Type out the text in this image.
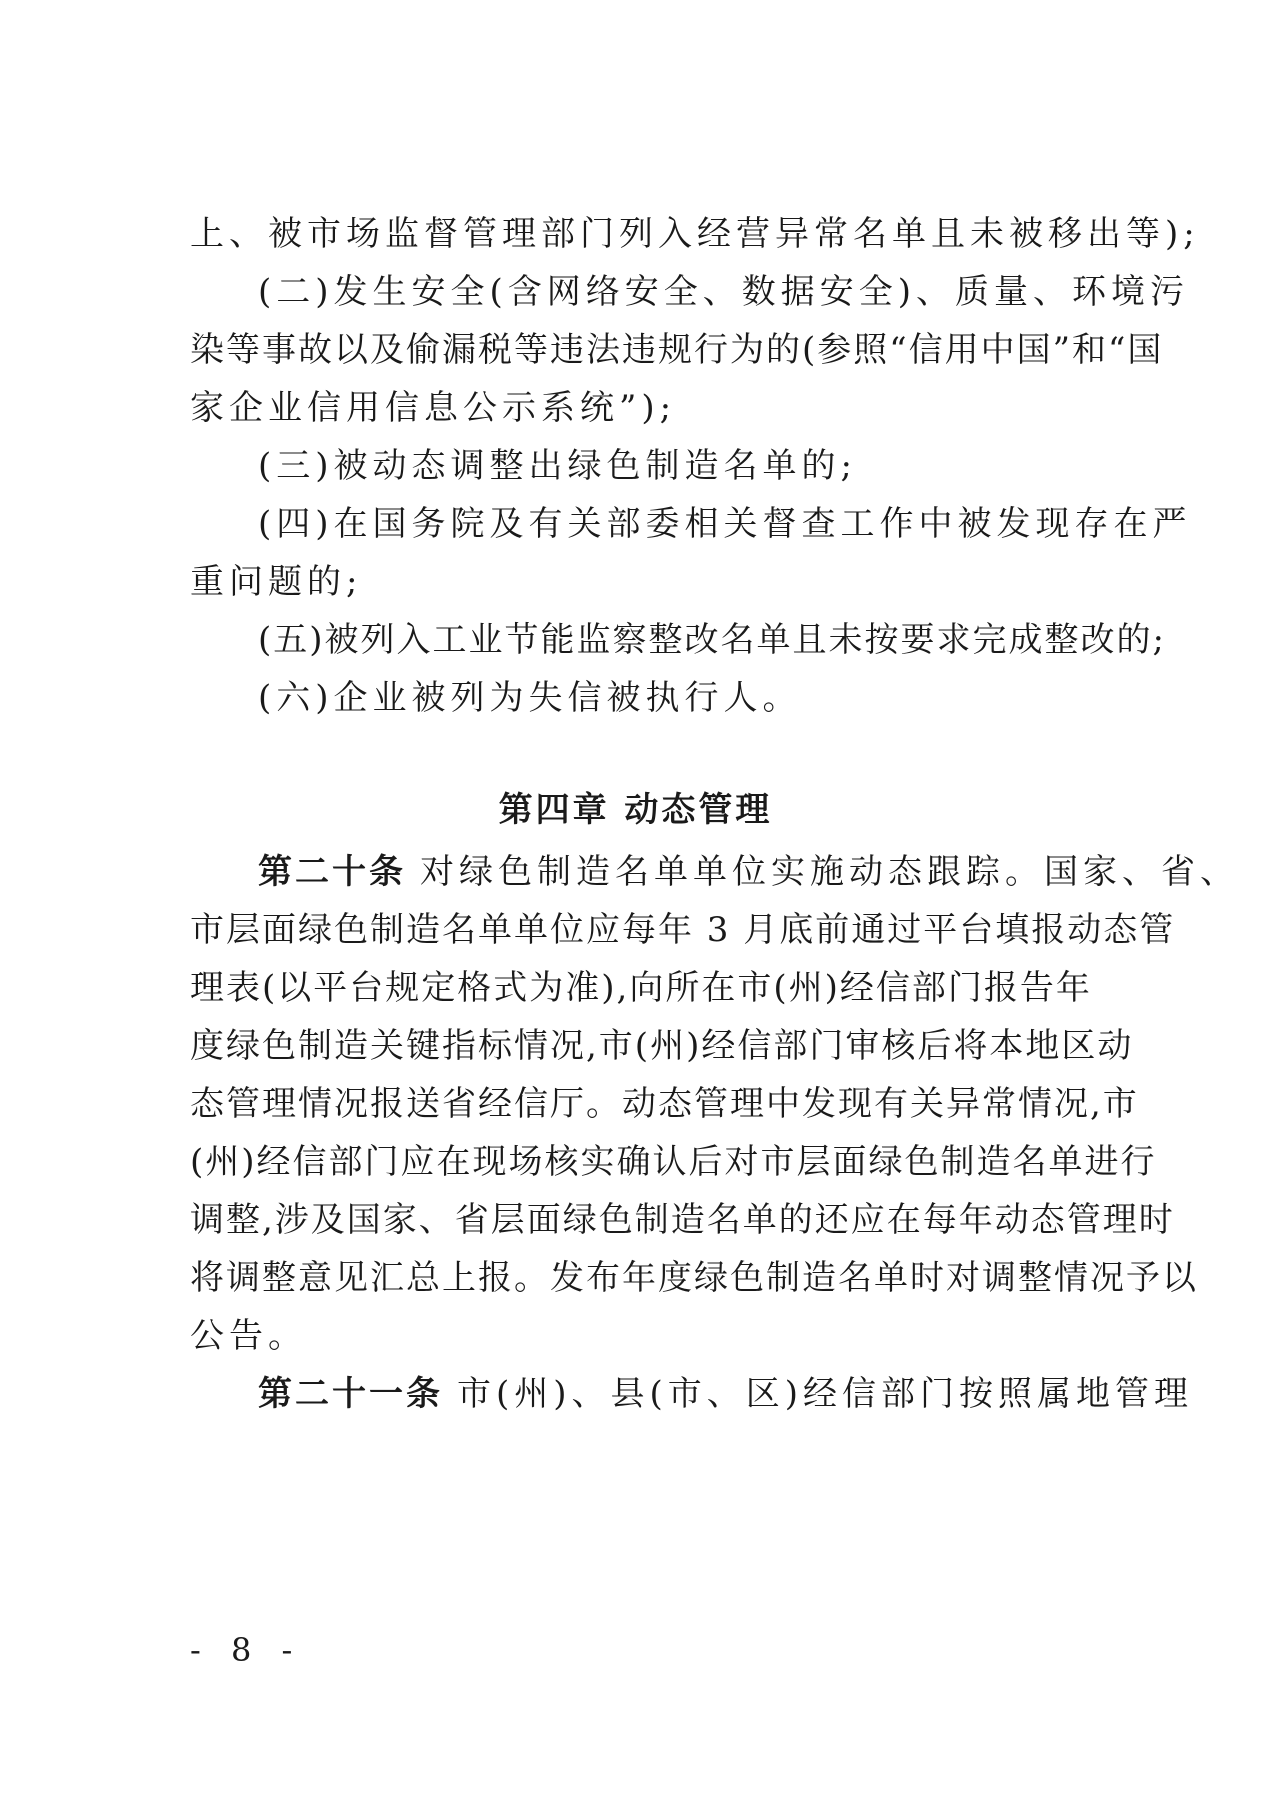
上、被市场监督管理部门列入经营异常名单且未被移出等);
(二)发生安全(含网络安全、数据安全)、质量、环境污
染等事故以及偷漏税等违法违规行为的(参照“信用中国”和“国
家企业信用信息公示系统”);
(三)被动态调整出绿色制造名单的;
(四)在国务院及有关部委相关督查工作中被发现存在严
重问题的;
(五)被列入工业节能监察整改名单且未按要求完成整改的;
(六)企业被列为失信被执行人。
第四章 动态管理
第二十条 对绿色制造名单单位实施动态跟踪。国家、省、
市层面绿色制造名单单位应每年 3 月底前通过平台填报动态管
理表(以平台规定格式为准),向所在市(州)经信部门报告年
度绿色制造关键指标情况,市(州)经信部门审核后将本地区动
态管理情况报送省经信厅。动态管理中发现有关异常情况,市
(州)经信部门应在现场核实确认后对市层面绿色制造名单进行
调整,涉及国家、省层面绿色制造名单的还应在每年动态管理时
将调整意见汇总上报。发布年度绿色制造名单时对调整情况予以
公告。
第二十一条 市(州)、县(市、区)经信部门按照属地管理
- 8 -
